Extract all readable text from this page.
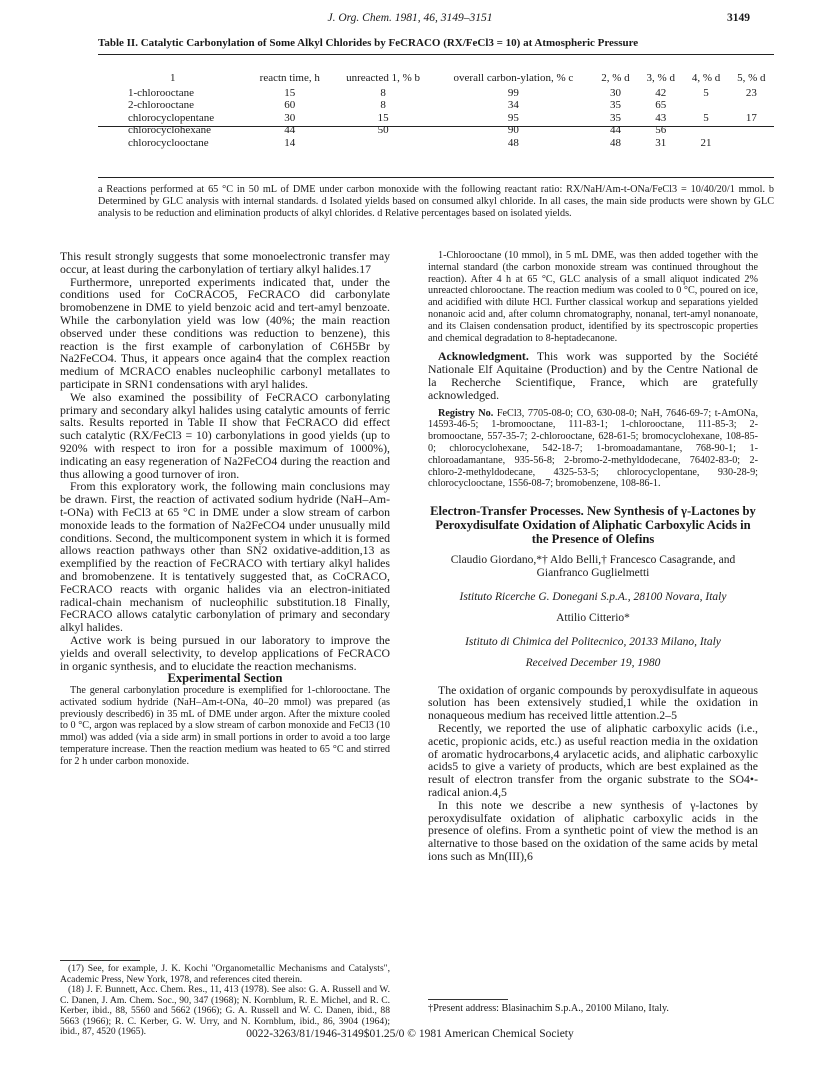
J. Org. Chem. 1981, 46, 3149–3151	3149
Table II. Catalytic Carbonylation of Some Alkyl Chlorides by FeCRACO (RX/FeCl3 = 10) at Atmospheric Pressure
1	reactn time, h	unreacted 1, % b	overall carbon-ylation, % c	2, % d	3, % d	4, % d	5, % d
1-chlorooctane	15	8	99	30	42	5	23
2-chlorooctane	60	8	34	35	65		
chlorocyclopentane	30	15	95	35	43	5	17
chlorocyclohexane	44	50	90	44	56		
chlorocyclooctane	14		48	48	31	21	
a Reactions performed at 65 °C in 50 mL of DME under carbon monoxide with the following reactant ratio: RX/NaH/Am-t-ONa/FeCl3 = 10/40/20/1 mmol. b Determined by GLC analysis with internal standards. d Isolated yields based on consumed alkyl chloride. In all cases, the main side products were shown by GLC analysis to be reduction and elimination products of alkyl chlorides. d Relative percentages based on isolated yields.

This result strongly suggests that some monoelectronic transfer may occur, at least during the carbonylation of tertiary alkyl halides.17

Furthermore, unreported experiments indicated that, under the conditions used for CoCRACO5, FeCRACO did carbonylate bromobenzene in DME to yield benzoic acid and tert-amyl benzoate. While the carbonylation yield was low (40%; the main reaction observed under these conditions was reduction to benzene), this reaction is the first example of carbonylation of C6H5Br by Na2FeCO4. Thus, it appears once again4 that the complex reaction medium of MCRACO enables nucleophilic carbonyl metallates to participate in SRN1 condensations with aryl halides.

We also examined the possibility of FeCRACO carbonylating primary and secondary alkyl halides using catalytic amounts of ferric salts. Results reported in Table II show that FeCRACO did effect such catalytic (RX/FeCl3 = 10) carbonylations in good yields (up to 920% with respect to iron for a possible maximum of 1000%), indicating an easy regeneration of Na2FeCO4 during the reaction and thus allowing a good turnover of iron.

From this exploratory work, the following main conclusions may be drawn. First, the reaction of activated sodium hydride (NaH–Am-t-ONa) with FeCl3 at 65 °C in DME under a slow stream of carbon monoxide leads to the formation of Na2FeCO4 under unusually mild conditions. Second, the multicomponent system in which it is formed allows reaction pathways other than SN2 oxidative-addition,13 as exemplified by the reaction of FeCRACO with tertiary alkyl halides and bromobenzene. It is tentatively suggested that, as CoCRACO, FeCRACO reacts with organic halides via an electron-initiated radical-chain mechanism of nucleophilic substitution.18 Finally, FeCRACO allows catalytic carbonylation of primary and secondary alkyl halides.

Active work is being pursued in our laboratory to improve the yields and overall selectivity, to develop applications of FeCRACO in organic synthesis, and to elucidate the reaction mechanisms.

Experimental Section

The general carbonylation procedure is exemplified for 1-chlorooctane. The activated sodium hydride (NaH–Am-t-ONa, 40–20 mmol) was prepared (as previously described6) in 35 mL of DME under argon. After the mixture cooled to 0 °C, argon was replaced by a slow stream of carbon monoxide and FeCl3 (10 mmol) was added (via a side arm) in small portions in order to avoid a too large temperature increase. Then the reaction medium was heated to 65 °C and stirred for 2 h under carbon monoxide.

(17) See, for example, J. K. Kochi "Organometallic Mechanisms and Catalysts", Academic Press, New York, 1978, and references cited therein.

(18) J. F. Bunnett, Acc. Chem. Res., 11, 413 (1978). See also: G. A. Russell and W. C. Danen, J. Am. Chem. Soc., 90, 347 (1968); N. Kornblum, R. E. Michel, and R. C. Kerber, ibid., 88, 5560 and 5662 (1966); G. A. Russell and W. C. Danen, ibid., 88 5663 (1966); R. C. Kerber, G. W. Urry, and N. Kornblum, ibid., 86, 3904 (1964); ibid., 87, 4520 (1965).

1-Chlorooctane (10 mmol), in 5 mL DME, was then added together with the internal standard (the carbon monoxide stream was continued throughout the reaction). After 4 h at 65 °C, GLC analysis of a small aliquot indicated 2% unreacted chlorooctane. The reaction medium was cooled to 0 °C, poured on ice, and acidified with dilute HCl. Further classical workup and separations yielded nonanoic acid and, after column chromatography, nonanal, tert-amyl nonanoate, and its Claisen condensation product, identified by its spectroscopic properties and chemical degradation to 8-heptadecanone.

Acknowledgment. This work was supported by the Société Nationale Elf Aquitaine (Production) and by the Centre National de la Recherche Scientifique, France, which are gratefully acknowledged.

Registry No. FeCl3, 7705-08-0; CO, 630-08-0; NaH, 7646-69-7; t-AmONa, 14593-46-5; 1-bromooctane, 111-83-1; 1-chlorooctane, 111-85-3; 2-bromooctane, 557-35-7; 2-chlorooctane, 628-61-5; bromocyclohexane, 108-85-0; chlorocyclohexane, 542-18-7; 1-bromoadamantane, 768-90-1; 1-chloroadamantane, 935-56-8; 2-bromo-2-methyldodecane, 76402-83-0; 2-chloro-2-methyldodecane, 4325-53-5; chlorocyclopentane, 930-28-9; chlorocyclooctane, 1556-08-7; bromobenzene, 108-86-1.

Electron-Transfer Processes. New Synthesis of γ-Lactones by Peroxydisulfate Oxidation of Aliphatic Carboxylic Acids in the Presence of Olefins
Claudio Giordano,*† Aldo Belli,† Francesco Casagrande, and Gianfranco Guglielmetti
Istituto Ricerche G. Donegani S.p.A., 28100 Novara, Italy
Attilio Citterio*
Istituto di Chimica del Politecnico, 20133 Milano, Italy
Received December 19, 1980

The oxidation of organic compounds by peroxydisulfate in aqueous solution has been extensively studied,1 while the oxidation in nonaqueous medium has received little attention.2–5

Recently, we reported the use of aliphatic carboxylic acids (i.e., acetic, propionic acids, etc.) as useful reaction media in the oxidation of aromatic hydrocarbons,4 arylacetic acids, and aliphatic carboxylic acids5 to give a variety of products, which are best explained as the result of electron transfer from the organic substrate to the SO4•- radical anion.4,5

In this note we describe a new synthesis of γ-lactones by peroxydisulfate oxidation of aliphatic carboxylic acids in the presence of olefins. From a synthetic point of view the method is an alternative to those based on the oxidation of the same acids by metal ions such as Mn(III),6

†Present address: Blasinachim S.p.A., 20100 Milano, Italy.
0022-3263/81/1946-3149$01.25/0 © 1981 American Chemical Society
